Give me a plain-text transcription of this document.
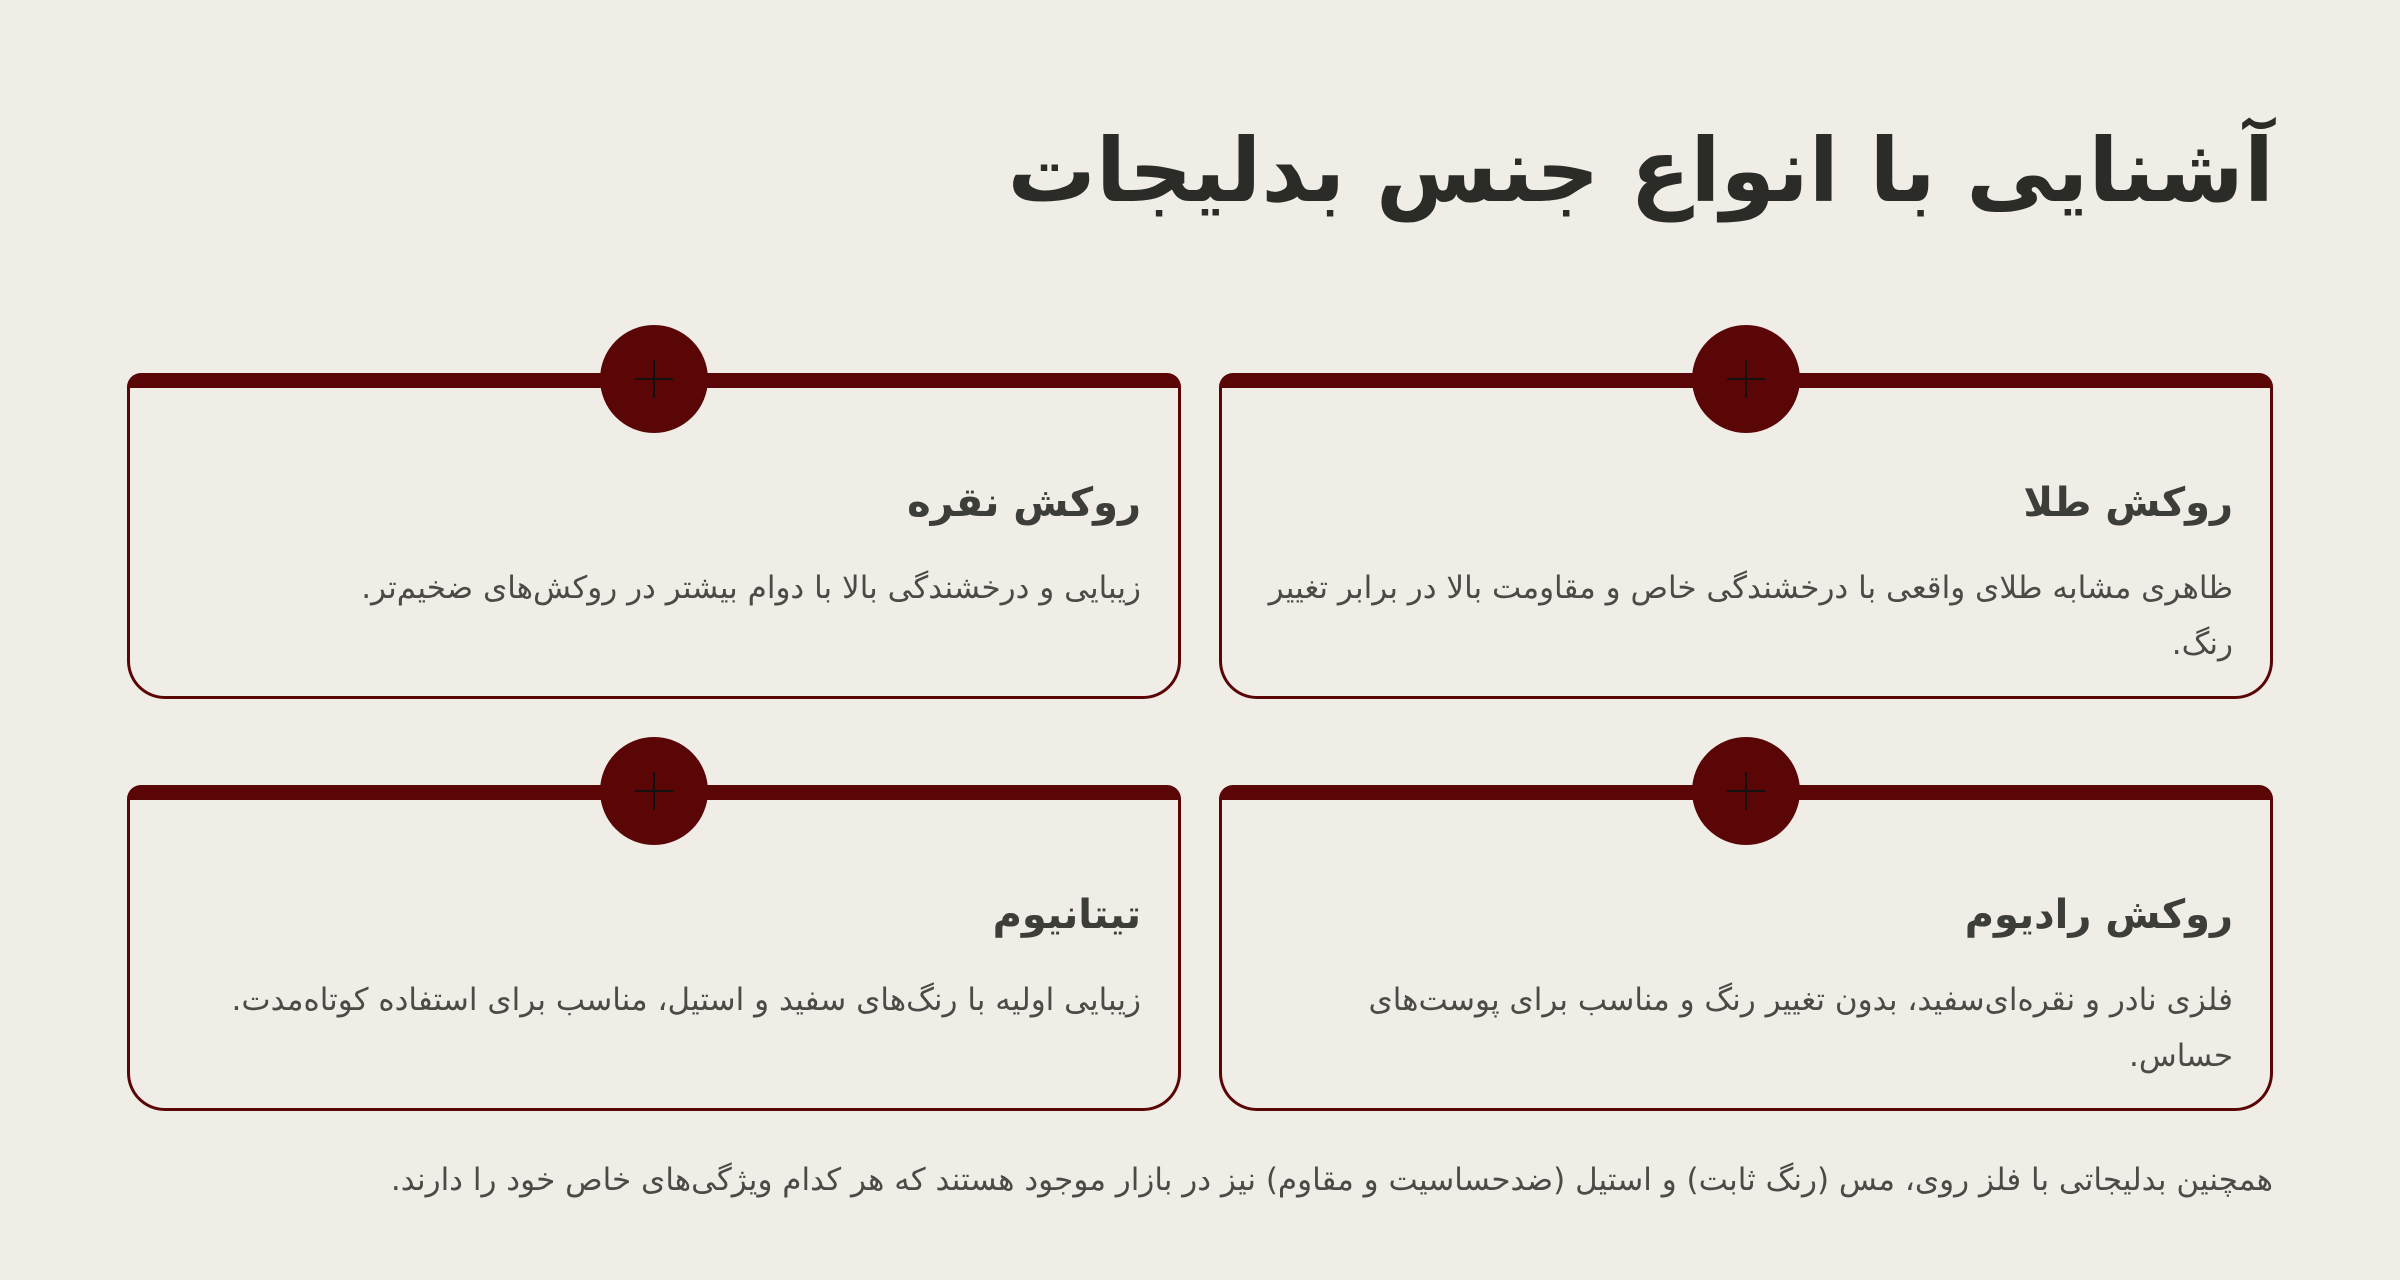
آشنایی با انواع جنس بدلیجات
روکش طلا

ظاهری مشابه طلای واقعی با درخشندگی خاص و مقاومت بالا در برابر تغییر رنگ.

روکش نقره

زیبایی و درخشندگی بالا با دوام بیشتر در روکش‌های ضخیم‌تر.

روکش رادیوم

فلزی نادر و نقره‌ای‌سفید، بدون تغییر رنگ و مناسب برای پوست‌های حساس.

تیتانیوم

زیبایی اولیه با رنگ‌های سفید و استیل، مناسب برای استفاده کوتاه‌مدت.

همچنین بدلیجاتی با فلز روی، مس (رنگ ثابت) و استیل (ضدحساسیت و مقاوم) نیز در بازار موجود هستند که هر کدام ویژگی‌های خاص خود را دارند.
